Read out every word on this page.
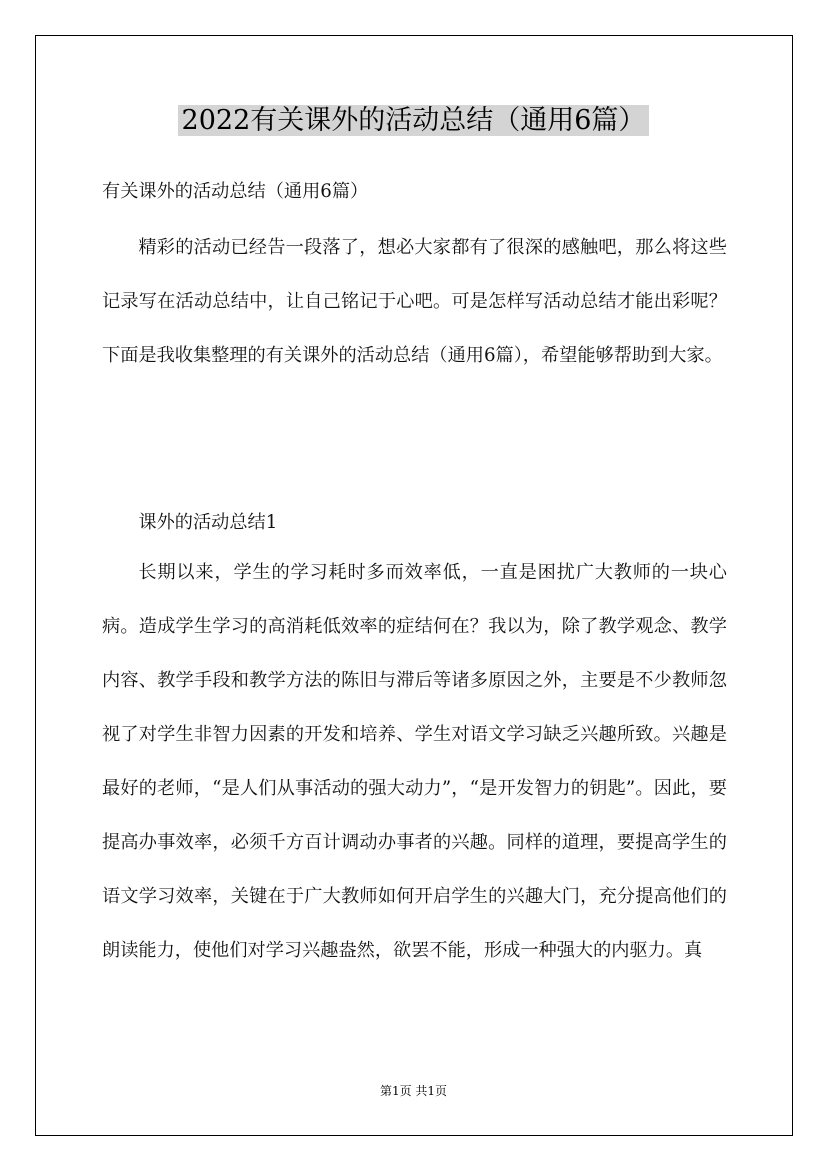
2022有关课外的活动总结（通用6篇）
有关课外的活动总结（通用6篇）

精彩的活动已经告一段落了，想必大家都有了很深的感触吧，那么将这些记录写在活动总结中，让自己铭记于心吧。可是怎样写活动总结才能出彩呢？下面是我收集整理的有关课外的活动总结（通用6篇），希望能够帮助到大家。

课外的活动总结1

长期以来，学生的学习耗时多而效率低，一直是困扰广大教师的一块心病。造成学生学习的高消耗低效率的症结何在？我以为，除了教学观念、教学内容、教学手段和教学方法的陈旧与滞后等诸多原因之外，主要是不少教师忽视了对学生非智力因素的开发和培养、学生对语文学习缺乏兴趣所致。兴趣是最好的老师，“是人们从事活动的强大动力”，“是开发智力的钥匙”。因此，要提高办事效率，必须千方百计调动办事者的兴趣。同样的道理，要提高学生的语文学习效率，关键在于广大教师如何开启学生的兴趣大门，充分提高他们的朗读能力，使他们对学习兴趣盎然，欲罢不能，形成一种强大的内驱力。真

第1页 共1页
